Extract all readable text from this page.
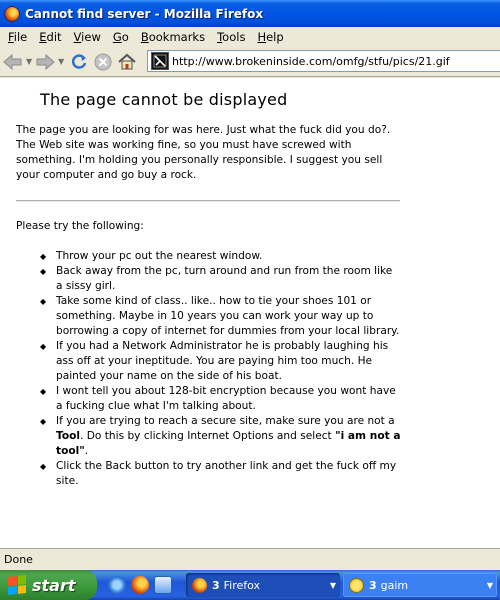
Cannot find server - Mozilla Firefox
File	Edit	View	Go	Bookmarks	Tools	Help
▼	▼	http://www.brokeninside.com/omfg/stfu/pics/21.gif
The page cannot be displayed
The page you are looking for was here. Just what the fuck did you do?. The Web site was working fine, so you must have screwed with something. I'm holding you personally responsible. I suggest you sell your computer and go buy a rock.
Please try the following:
◆ Throw your pc out the nearest window.
◆ Back away from the pc, turn around and run from the room like a sissy girl.
◆ Take some kind of class.. like.. how to tie your shoes 101 or something. Maybe in 10 years you can work your way up to borrowing a copy of internet for dummies from your local library.
◆ If you had a Network Administrator he is probably laughing his ass off at your ineptitude. You are paying him too much. He painted your name on the side of his boat.
◆ I wont tell you about 128-bit encryption because you wont have a fucking clue what I'm talking about.
◆ If you are trying to reach a secure site, make sure you are not a Tool. Do this by clicking Internet Options and select "i am not a tool".
◆ Click the Back button to try another link and get the fuck off my site.
Done
start	3 Firefox	▼	3 gaim	▼
